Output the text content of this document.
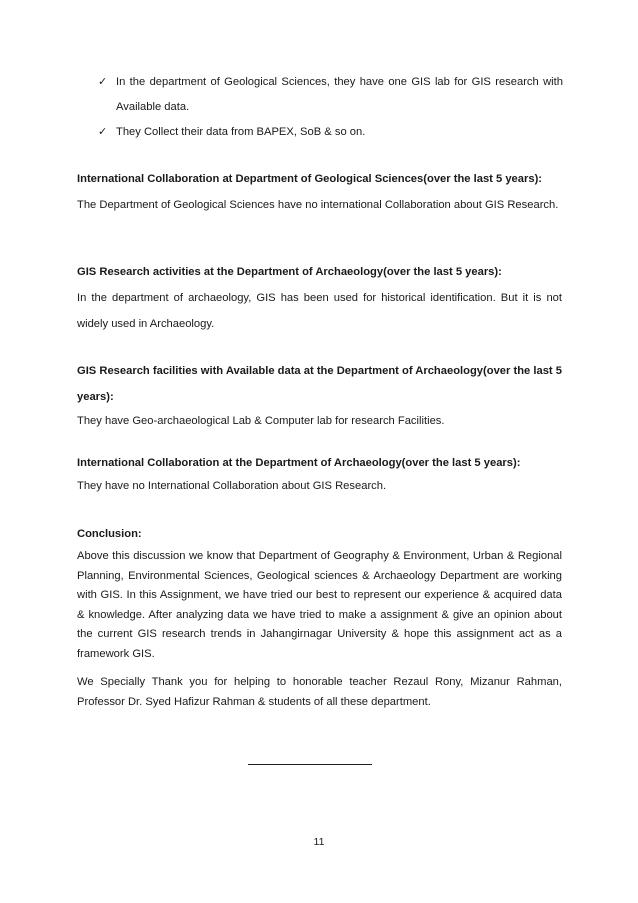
✓ In the department of Geological Sciences, they have one GIS lab for GIS research with Available data.
✓ They Collect their data from BAPEX, SoB & so on.

International Collaboration at Department of Geological Sciences(over the last 5 years):

The Department of Geological Sciences have no international Collaboration about GIS Research.

GIS Research activities at the Department of Archaeology(over the last 5 years):

In the department of archaeology, GIS has been used for historical identification. But it is not widely used in Archaeology.

GIS Research facilities with Available data at the Department of Archaeology(over the last 5 years):

They have Geo-archaeological Lab & Computer lab for research Facilities.

International Collaboration at the Department of Archaeology(over the last 5 years):

They have no International Collaboration about GIS Research.

Conclusion:

Above this discussion we know that Department of Geography & Environment, Urban & Regional Planning, Environmental Sciences, Geological sciences & Archaeology Department are working with GIS. In this Assignment, we have tried our best to represent our experience & acquired data & knowledge. After analyzing data we have tried to make a assignment & give an opinion about the current GIS research trends in Jahangirnagar University & hope this assignment act as a framework GIS.

We Specially Thank you for helping to honorable teacher Rezaul Rony, Mizanur Rahman, Professor Dr. Syed Hafizur Rahman & students of all these department.

11
